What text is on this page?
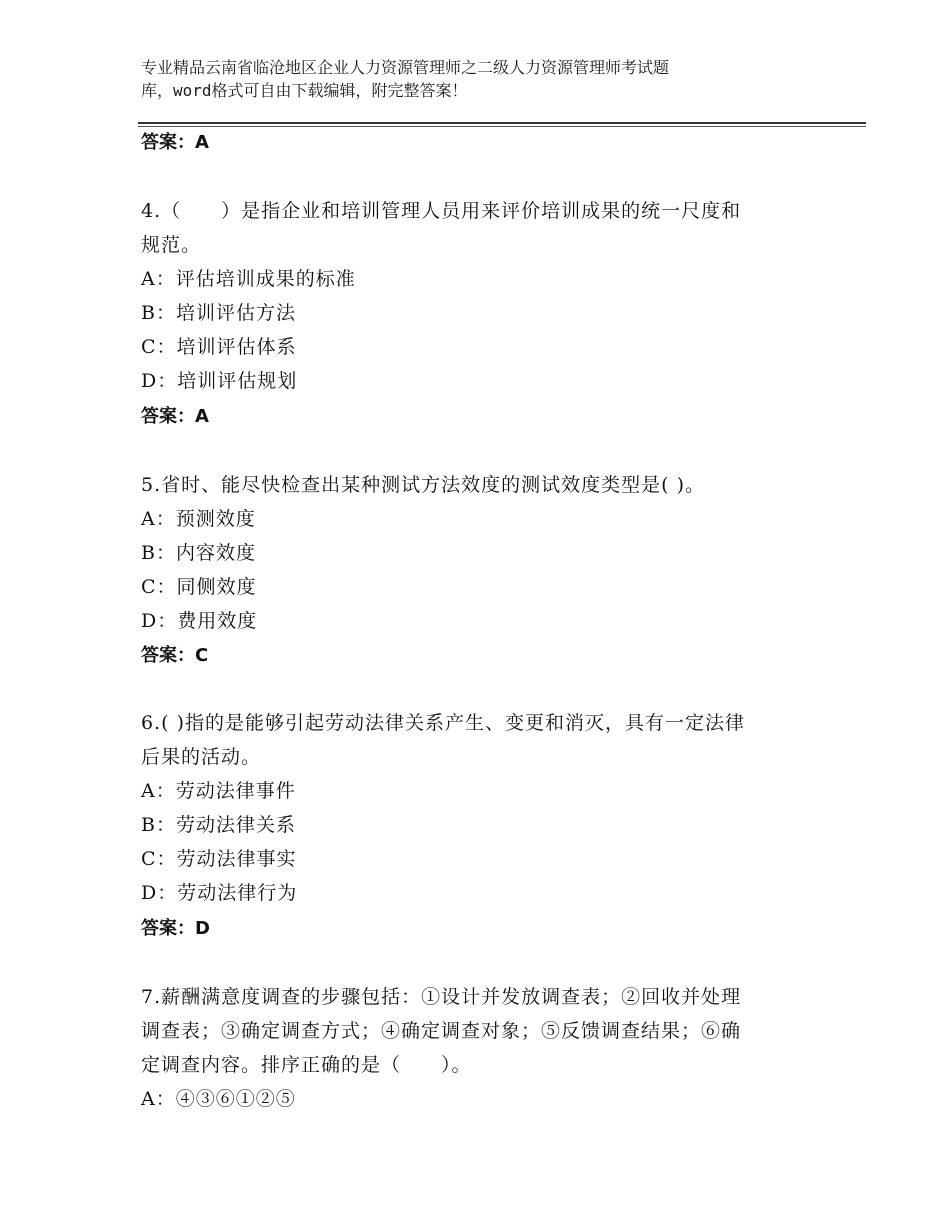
专业精品云南省临沧地区企业人力资源管理师之二级人力资源管理师考试题
库，word格式可自由下载编辑，附完整答案！
答案：A
4.（　　）是指企业和培训管理人员用来评价培训成果的统一尺度和
规范。
A：评估培训成果的标准
B：培训评估方法
C：培训评估体系
D：培训评估规划
答案：A
5.省时、能尽快检查出某种测试方法效度的测试效度类型是( )。
A：预测效度
B：内容效度
C：同侧效度
D：费用效度
答案：C
6.( )指的是能够引起劳动法律关系产生、变更和消灭，具有一定法律
后果的活动。
A：劳动法律事件
B：劳动法律关系
C：劳动法律事实
D：劳动法律行为
答案：D
7.薪酬满意度调查的步骤包括：①设计并发放调查表；②回收并处理
调查表；③确定调查方式；④确定调查对象；⑤反馈调查结果；⑥确
定调查内容。排序正确的是（　　）。
A：④③⑥①②⑤
